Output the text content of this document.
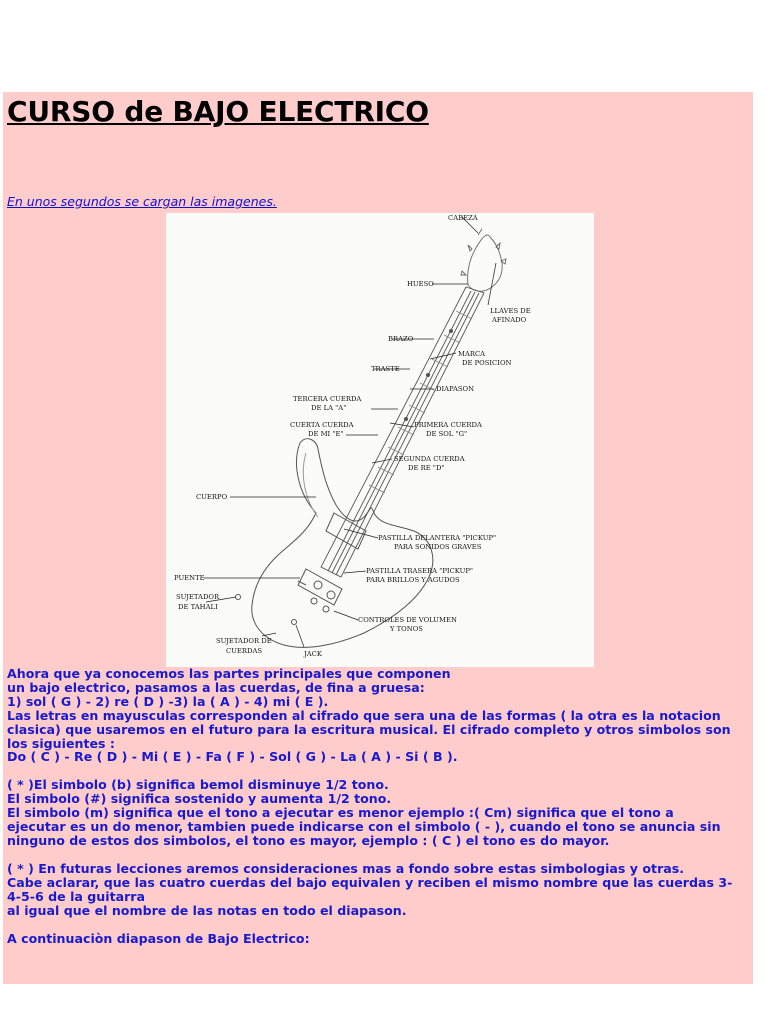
CURSO de BAJO ELECTRICO
En unos segundos se cargan las imagenes.
CABEZA
HUESO
LLAVES DE
AFINADO
BRAZO
MARCA
DE POSICION
TRASTE
DIAPASON
TERCERA CUERDA
DE LA "A"
CUERTA CUERDA
DE MI "E"
PRIMERA CUERDA
DE SOL "G"
SEGUNDA CUERDA
DE RE "D"
CUERPO
PASTILLA DELANTERA "PICKUP"
PARA SONIDOS GRAVES
PUENTE
PASTILLA TRASERA "PICKUP"
PARA BRILLOS Y AGUDOS
SUJETADOR
DE TAHALI
CONTROLES DE VOLUMEN
Y TONOS
SUJETADOR DE
CUERDAS	JACK

Ahora que ya conocemos las partes principales que componen
un bajo electrico, pasamos a las cuerdas, de fina a gruesa:
1) sol ( G ) - 2) re ( D ) -3) la ( A ) - 4) mi ( E ).
Las letras en mayusculas corresponden al cifrado que sera una de las formas ( la otra es la notacion
clasica) que usaremos en el futuro para la escritura musical. El cifrado completo y otros simbolos son
los siguientes :
Do ( C ) - Re ( D ) - Mi ( E ) - Fa ( F ) - Sol ( G ) - La ( A ) - Si ( B ).

( * )El simbolo (b) significa bemol disminuye 1/2 tono.
El simbolo (#) significa sostenido y aumenta 1/2 tono.
El simbolo (m) significa que el tono a ejecutar es menor ejemplo :( Cm) significa que el tono a
ejecutar es un do menor, tambien puede indicarse con el simbolo ( - ), cuando el tono se anuncia sin
ninguno de estos dos simbolos, el tono es mayor, ejemplo : ( C ) el tono es do mayor.

( * ) En futuras lecciones aremos consideraciones mas a fondo sobre estas simbologias y otras.
Cabe aclarar, que las cuatro cuerdas del bajo equivalen y reciben el mismo nombre que las cuerdas 3-
4-5-6 de la guitarra
al igual que el nombre de las notas en todo el diapason.

A continuaciòn diapason de Bajo Electrico:
